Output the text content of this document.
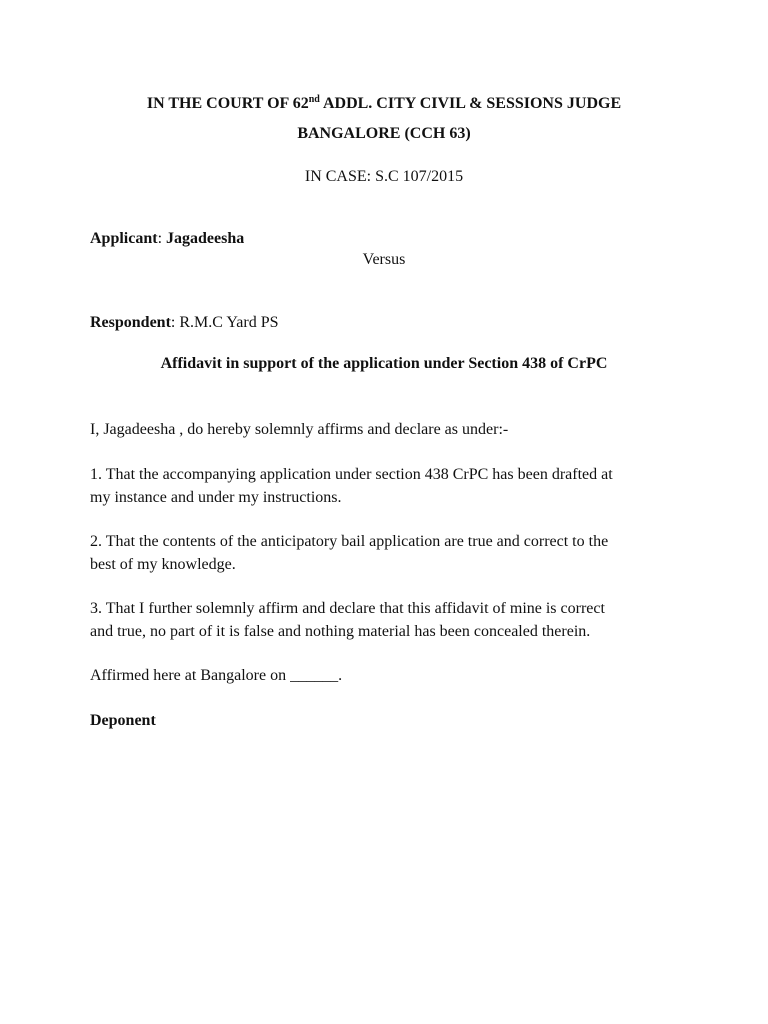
IN THE COURT OF 62nd ADDL. CITY CIVIL & SESSIONS JUDGE
BANGALORE (CCH 63)
IN CASE: S.C 107/2015
Applicant: Jagadeesha
Versus
Respondent: R.M.C Yard PS
Affidavit in support of the application under Section 438 of CrPC
I, Jagadeesha , do hereby solemnly affirms and declare as under:-
1. That the accompanying application under section 438 CrPC has been drafted at
my instance and under my instructions.
2. That the contents of the anticipatory bail application are true and correct to the
best of my knowledge.
3. That I further solemnly affirm and declare that this affidavit of mine is correct
and true, no part of it is false and nothing material has been concealed therein.
Affirmed here at Bangalore on ______.
Deponent
